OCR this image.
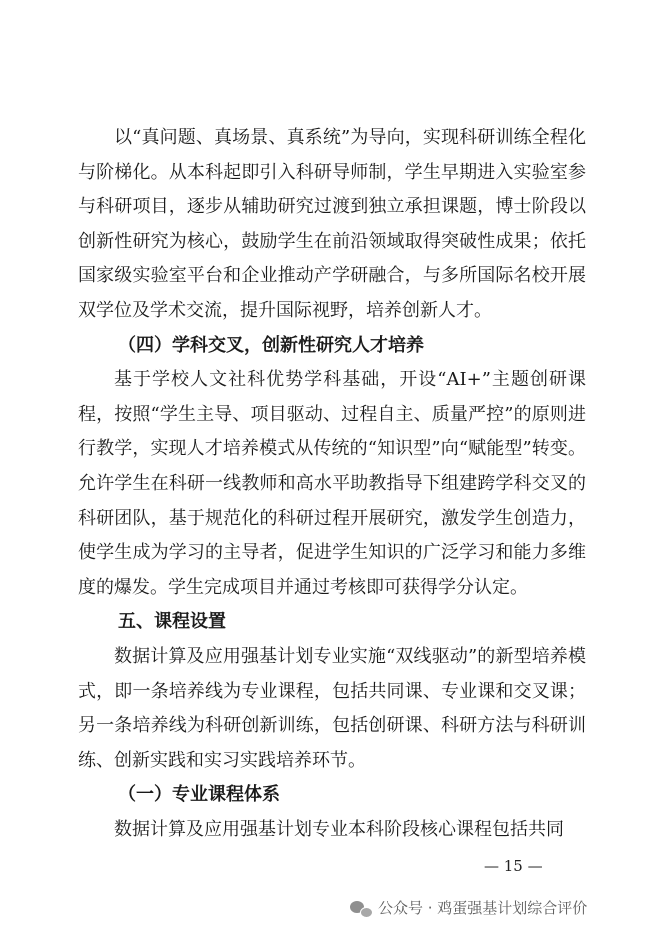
以“真问题、真场景、真系统”为导向，实现科研训练全程化与阶梯化。从本科起即引入科研导师制，学生早期进入实验室参与科研项目，逐步从辅助研究过渡到独立承担课题，博士阶段以创新性研究为核心，鼓励学生在前沿领域取得突破性成果；依托国家级实验室平台和企业推动产学研融合，与多所国际名校开展双学位及学术交流，提升国际视野，培养创新人才。

（四）学科交叉，创新性研究人才培养

基于学校人文社科优势学科基础，开设“AI+”主题创研课程，按照“学生主导、项目驱动、过程自主、质量严控”的原则进行教学，实现人才培养模式从传统的“知识型”向“赋能型”转变。允许学生在科研一线教师和高水平助教指导下组建跨学科交叉的科研团队，基于规范化的科研过程开展研究，激发学生创造力，使学生成为学习的主导者，促进学生知识的广泛学习和能力多维度的爆发。学生完成项目并通过考核即可获得学分认定。

五、课程设置

数据计算及应用强基计划专业实施“双线驱动”的新型培养模式，即一条培养线为专业课程，包括共同课、专业课和交叉课；另一条培养线为科研创新训练，包括创研课、科研方法与科研训练、创新实践和实习实践培养环节。

（一）专业课程体系

数据计算及应用强基计划专业本科阶段核心课程包括共同

— 15 —
公众号 · 鸡蛋强基计划综合评价
